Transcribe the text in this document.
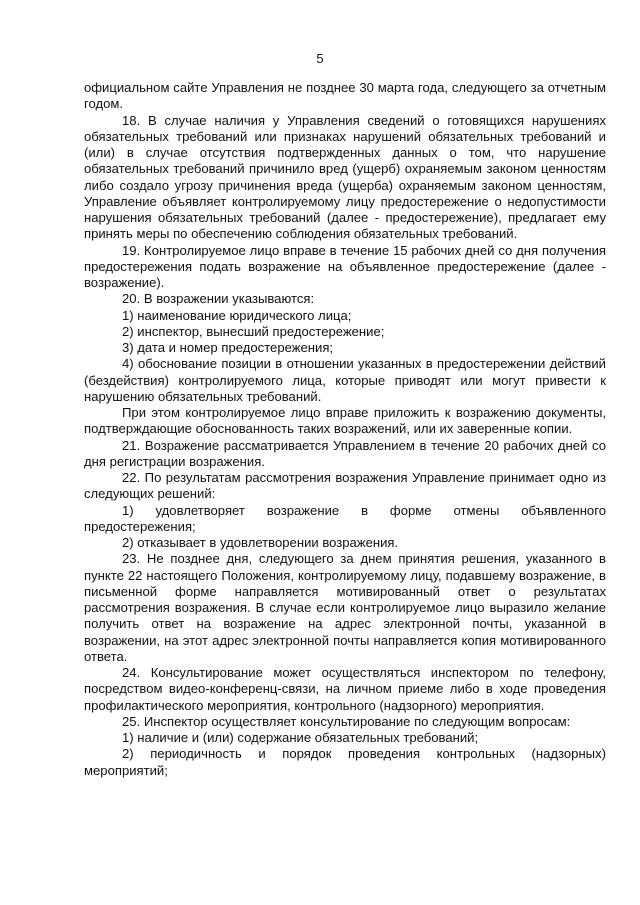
5

официальном сайте Управления не позднее 30 марта года, следующего за отчетным годом.

18. В случае наличия у Управления сведений о готовящихся нарушениях обязательных требований или признаках нарушений обязательных требований и (или) в случае отсутствия подтвержденных данных о том, что нарушение обязательных требований причинило вред (ущерб) охраняемым законом ценностям либо создало угрозу причинения вреда (ущерба) охраняемым законом ценностям, Управление объявляет контролируемому лицу предостережение о недопустимости нарушения обязательных требований (далее - предостережение), предлагает ему принять меры по обеспечению соблюдения обязательных требований.

19. Контролируемое лицо вправе в течение 15 рабочих дней со дня получения предостережения подать возражение на объявленное предостережение (далее - возражение).

20. В возражении указываются:

1) наименование юридического лица;

2) инспектор, вынесший предостережение;

3) дата и номер предостережения;

4) обоснование позиции в отношении указанных в предостережении действий (бездействия) контролируемого лица, которые приводят или могут привести к нарушению обязательных требований.

При этом контролируемое лицо вправе приложить к возражению документы, подтверждающие обоснованность таких возражений, или их заверенные копии.

21. Возражение рассматривается Управлением в течение 20 рабочих дней со дня регистрации возражения.

22. По результатам рассмотрения возражения Управление принимает одно из следующих решений:

1) удовлетворяет возражение в форме отмены объявленного предостережения;

2) отказывает в удовлетворении возражения.

23. Не позднее дня, следующего за днем принятия решения, указанного в пункте 22 настоящего Положения, контролируемому лицу, подавшему возражение, в письменной форме направляется мотивированный ответ о результатах рассмотрения возражения. В случае если контролируемое лицо выразило желание получить ответ на возражение на адрес электронной почты, указанной в возражении, на этот адрес электронной почты направляется копия мотивированного ответа.

24. Консультирование может осуществляться инспектором по телефону, посредством видео-конференц-связи, на личном приеме либо в ходе проведения профилактического мероприятия, контрольного (надзорного) мероприятия.

25. Инспектор осуществляет консультирование по следующим вопросам:

1) наличие и (или) содержание обязательных требований;

2) периодичность и порядок проведения контрольных (надзорных) мероприятий;
